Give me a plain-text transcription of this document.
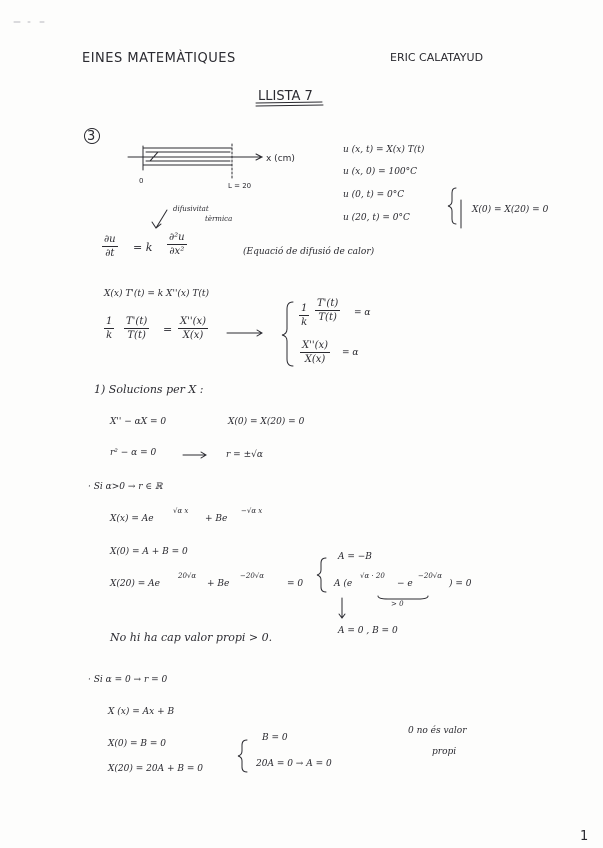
EINES MATEMÀTIQUES	ERIC CALATAYUD
LLISTA 7
3
x (cm)
0
L = 20
u (x, t) = X(x) T(t)
u (x, 0) = 100°C
u (0, t) = 0°C
u (20, t) = 0°C
X(0) = X(20) = 0
difusivitat
tèrmica
$\frac{\partial u}{\partial t} = k \frac{\text{∂²u}}{\text{∂x²}}$	(Equació de difusió de calor)
X(x) T'(t) = k X''(x) T(t)
$\frac{1}{k} \frac{T'(t)}{T(t)} = \frac{X''(x)}{X(x)}$
$\frac{1}{k} \frac{T'(t)}{T(t)} = \alpha$
$\frac{X''(x)}{X(x)} = \alpha$
1) Solucions per X :
X'' − αX = 0	X(0) = X(20) = 0
r² − α = 0	r = ±√α
· Si α>0 → r ∈ ℝ
X(x) = Ae
√α x
+ Be
−√α x
X(0) = A + B = 0
X(20) = Ae
20√α
+ Be
−20√α
= 0
A = −B
A (e
√α · 20
− e
−20√α
) = 0
> 0
A = 0 , B = 0
No hi ha cap valor propi > 0.
· Si α = 0 → r = 0
X (x) = Ax + B
X(0) = B = 0
X(20) = 20A + B = 0
B = 0
20A = 0 → A = 0
0 no és valor
propi
1
